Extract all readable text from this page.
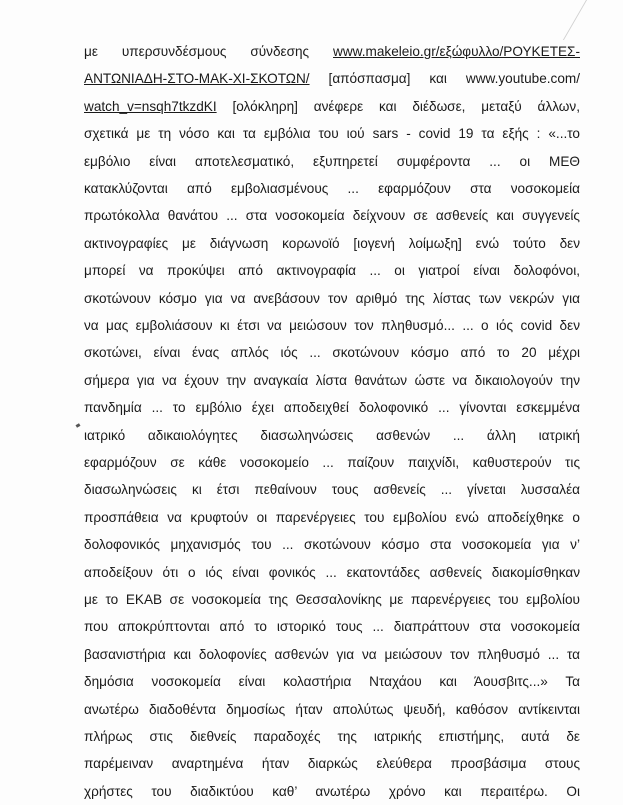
με υπερσυνδέσμους σύνδεσης www.makeleio.gr/εξώφυλλο/ΡΟΥΚΕΤΕΣ-
ΑΝΤΩΝΙΑΔΗ-ΣΤΟ-ΜΑΚ-ΧΙ-ΣΚΟΤΩΝ/ [απόσπασμα] και www.youtube.com/
watch_v=nsqh7tkzdKI [ολόκληρη] ανέφερε και διέδωσε, μεταξύ άλλων,
σχετικά με τη νόσο και τα εμβόλια του ιού sars - covid 19 τα εξής : «...το
εμβόλιο είναι αποτελεσματικό, εξυπηρετεί συμφέροντα ... οι ΜΕΘ
κατακλύζονται από εμβολιασμένους ... εφαρμόζουν στα νοσοκομεία
πρωτόκολλα θανάτου ... στα νοσοκομεία δείχνουν σε ασθενείς και συγγενείς
ακτινογραφίες με διάγνωση κορωνοϊό [ιογενή λοίμωξη] ενώ τούτο δεν
μπορεί να προκύψει από ακτινογραφία ... οι γιατροί είναι δολοφόνοι,
σκοτώνουν κόσμο για να ανεβάσουν τον αριθμό της λίστας των νεκρών για
να μας εμβολιάσουν κι έτσι να μειώσουν τον πληθυσμό... ... ο ιός covid δεν
σκοτώνει, είναι ένας απλός ιός ... σκοτώνουν κόσμο από το 20 μέχρι
σήμερα για να έχουν την αναγκαία λίστα θανάτων ώστε να δικαιολογούν την
πανδημία ... το εμβόλιο έχει αποδειχθεί δολοφονικό ... γίνονται εσκεμμένα
ιατρικό αδικαιολόγητες διασωληνώσεις ασθενών ... άλλη ιατρική
εφαρμόζουν σε κάθε νοσοκομείο ... παίζουν παιχνίδι, καθυστερούν τις
διασωληνώσεις κι έτσι πεθαίνουν τους ασθενείς ... γίνεται λυσσαλέα
προσπάθεια να κρυφτούν οι παρενέργειες του εμβολίου ενώ αποδείχθηκε ο
δολοφονικός μηχανισμός του ... σκοτώνουν κόσμο στα νοσοκομεία για ν’
αποδείξουν ότι ο ιός είναι φονικός ... εκατοντάδες ασθενείς διακομίσθηκαν
με το ΕΚΑΒ σε νοσοκομεία της Θεσσαλονίκης με παρενέργειες του εμβολίου
που αποκρύπτονται από το ιστορικό τους ... διαπράττουν στα νοσοκομεία
βασανιστήρια και δολοφονίες ασθενών για να μειώσουν τον πληθυσμό ... τα
δημόσια νοσοκομεία είναι κολαστήρια Νταχάου και Άουσβιτς...» Τα
ανωτέρω διαδοθέντα δημοσίως ήταν απολύτως ψευδή, καθόσον αντίκεινται
πλήρως στις διεθνείς παραδοχές της ιατρικής επιστήμης, αυτά δε
παρέμειναν αναρτημένα ήταν διαρκώς ελεύθερα προσβάσιμα στους
χρήστες του διαδικτύου καθ’ ανωτέρω χρόνο και περαιτέρω. Οι
